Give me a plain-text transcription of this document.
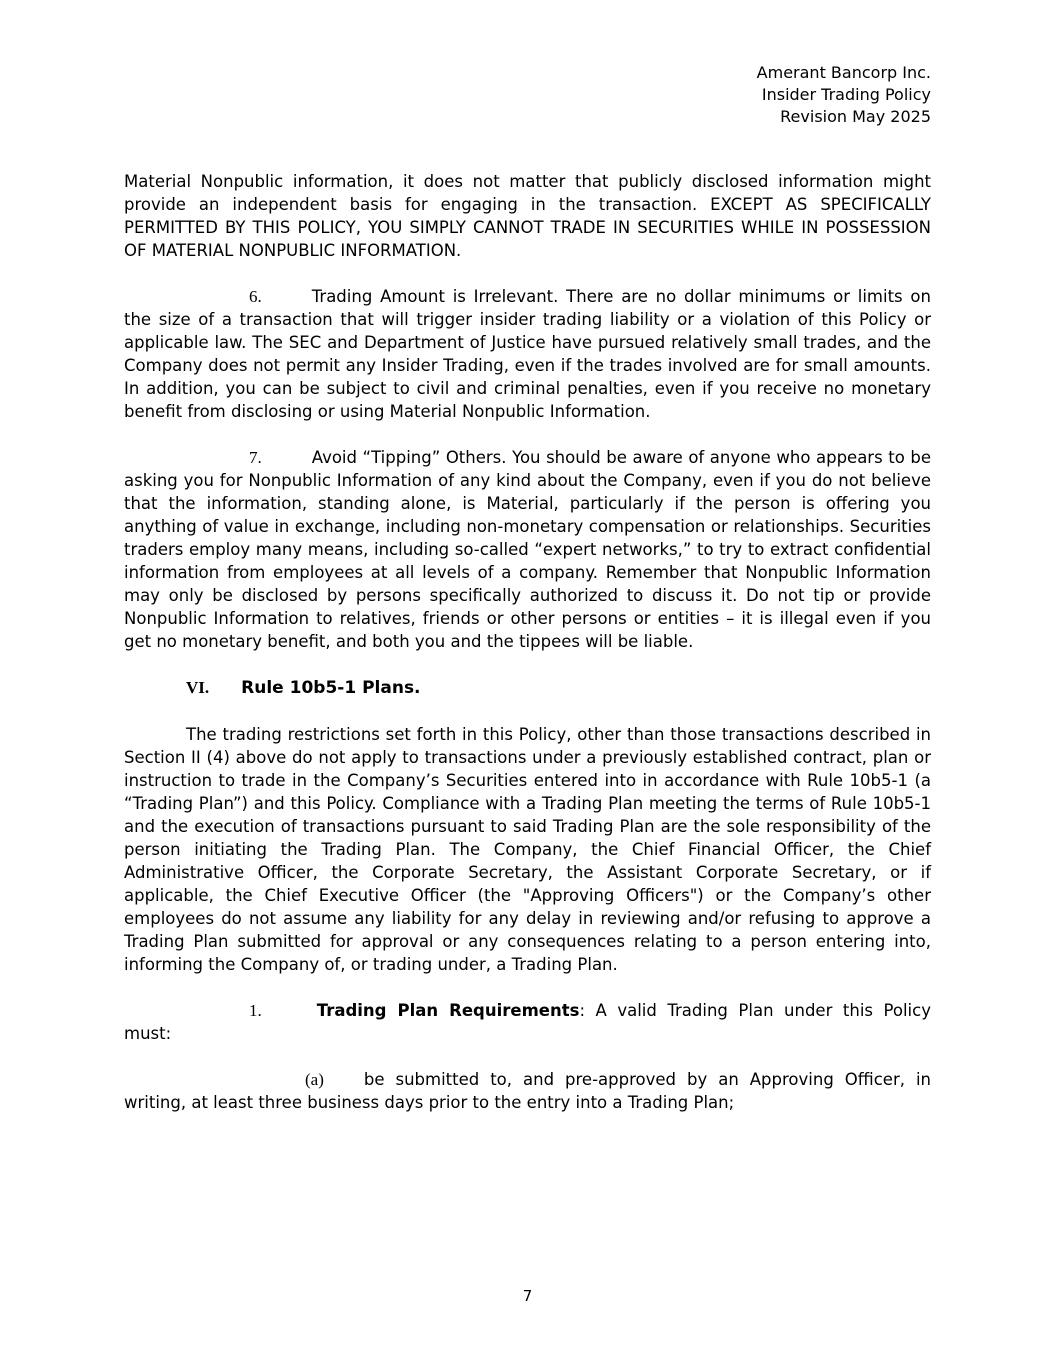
Amerant Bancorp Inc.
Insider Trading Policy
Revision May 2025

Material Nonpublic information, it does not matter that publicly disclosed information might provide an independent basis for engaging in the transaction. EXCEPT AS SPECIFICALLY PERMITTED BY THIS POLICY, YOU SIMPLY CANNOT TRADE IN SECURITIES WHILE IN POSSESSION OF MATERIAL NONPUBLIC INFORMATION.

6.	Trading Amount is Irrelevant. There are no dollar minimums or limits on the size of a transaction that will trigger insider trading liability or a violation of this Policy or applicable law. The SEC and Department of Justice have pursued relatively small trades, and the Company does not permit any Insider Trading, even if the trades involved are for small amounts. In addition, you can be subject to civil and criminal penalties, even if you receive no monetary benefit from disclosing or using Material Nonpublic Information.

7.	Avoid “Tipping” Others. You should be aware of anyone who appears to be asking you for Nonpublic Information of any kind about the Company, even if you do not believe that the information, standing alone, is Material, particularly if the person is offering you anything of value in exchange, including non-monetary compensation or relationships. Securities traders employ many means, including so-called “expert networks,” to try to extract confidential information from employees at all levels of a company. Remember that Nonpublic Information may only be disclosed by persons specifically authorized to discuss it. Do not tip or provide Nonpublic Information to relatives, friends or other persons or entities – it is illegal even if you get no monetary benefit, and both you and the tippees will be liable.

VI. Rule 10b5-1 Plans.

The trading restrictions set forth in this Policy, other than those transactions described in Section II (4) above do not apply to transactions under a previously established contract, plan or instruction to trade in the Company’s Securities entered into in accordance with Rule 10b5-1 (a “Trading Plan”) and this Policy. Compliance with a Trading Plan meeting the terms of Rule 10b5-1 and the execution of transactions pursuant to said Trading Plan are the sole responsibility of the person initiating the Trading Plan. The Company, the Chief Financial Officer, the Chief Administrative Officer, the Corporate Secretary, the Assistant Corporate Secretary, or if applicable, the Chief Executive Officer (the "Approving Officers") or the Company’s other employees do not assume any liability for any delay in reviewing and/or refusing to approve a Trading Plan submitted for approval or any consequences relating to a person entering into, informing the Company of, or trading under, a Trading Plan.

1.	Trading Plan Requirements: A valid Trading Plan under this Policy must:

(a) be submitted to, and pre-approved by an Approving Officer, in writing, at least three business days prior to the entry into a Trading Plan;

7
